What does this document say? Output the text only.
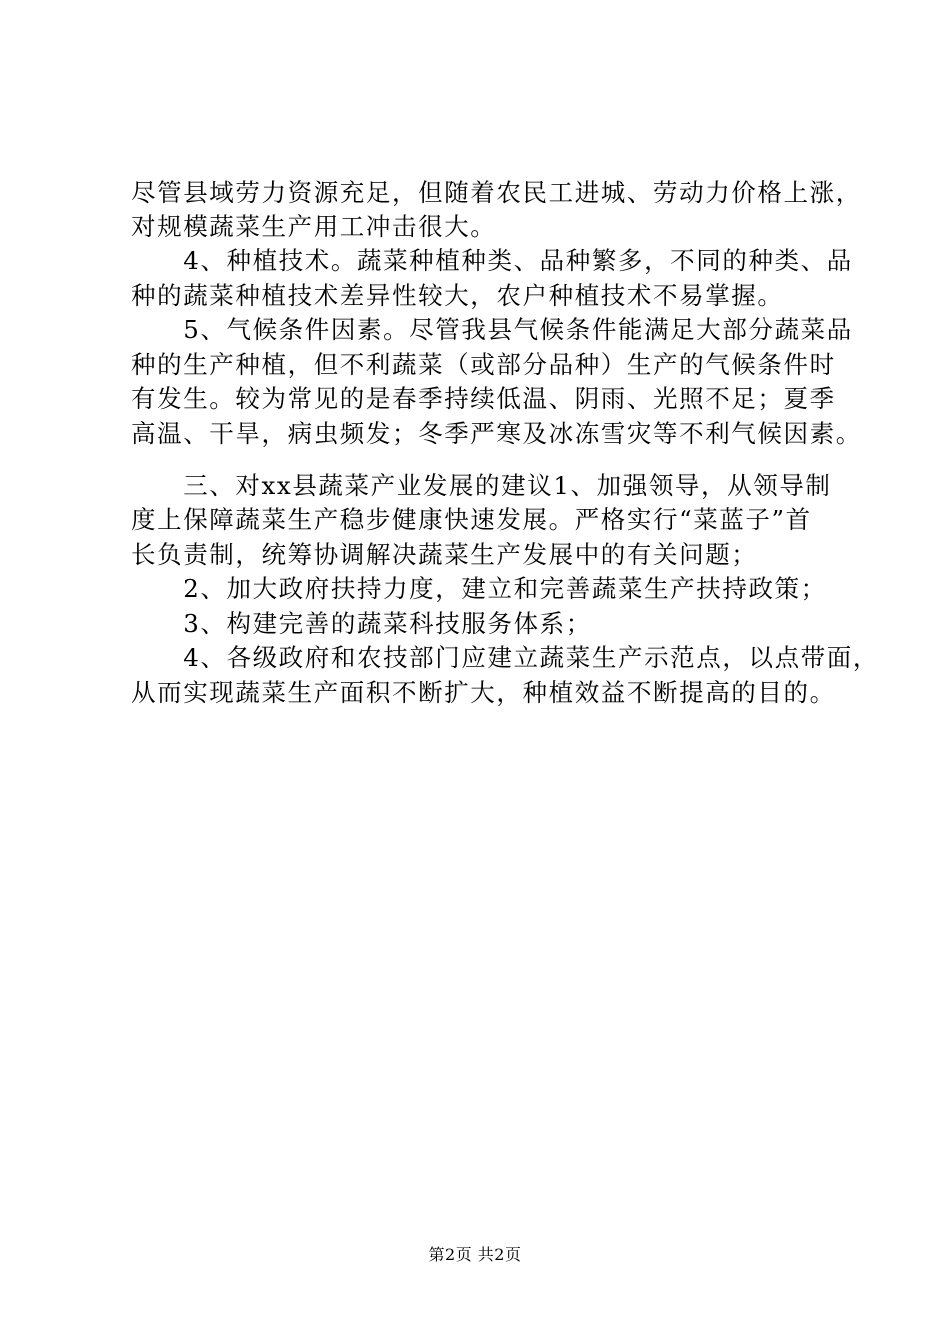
尽管县域劳力资源充足，但随着农民工进城、劳动力价格上涨，
对规模蔬菜生产用工冲击很大。
　　4、种植技术。蔬菜种植种类、品种繁多，不同的种类、品
种的蔬菜种植技术差异性较大，农户种植技术不易掌握。
　　5、气候条件因素。尽管我县气候条件能满足大部分蔬菜品
种的生产种植，但不利蔬菜（或部分品种）生产的气候条件时
有发生。较为常见的是春季持续低温、阴雨、光照不足；夏季
高温、干旱，病虫频发；冬季严寒及冰冻雪灾等不利气候因素。
　　三、对xx县蔬菜产业发展的建议1、加强领导，从领导制
度上保障蔬菜生产稳步健康快速发展。严格实行“菜蓝子”首
长负责制，统筹协调解决蔬菜生产发展中的有关问题；
　　2、加大政府扶持力度，建立和完善蔬菜生产扶持政策；
　　3、构建完善的蔬菜科技服务体系；
　　4、各级政府和农技部门应建立蔬菜生产示范点，以点带面，
从而实现蔬菜生产面积不断扩大，种植效益不断提高的目的。
第2页 共2页
